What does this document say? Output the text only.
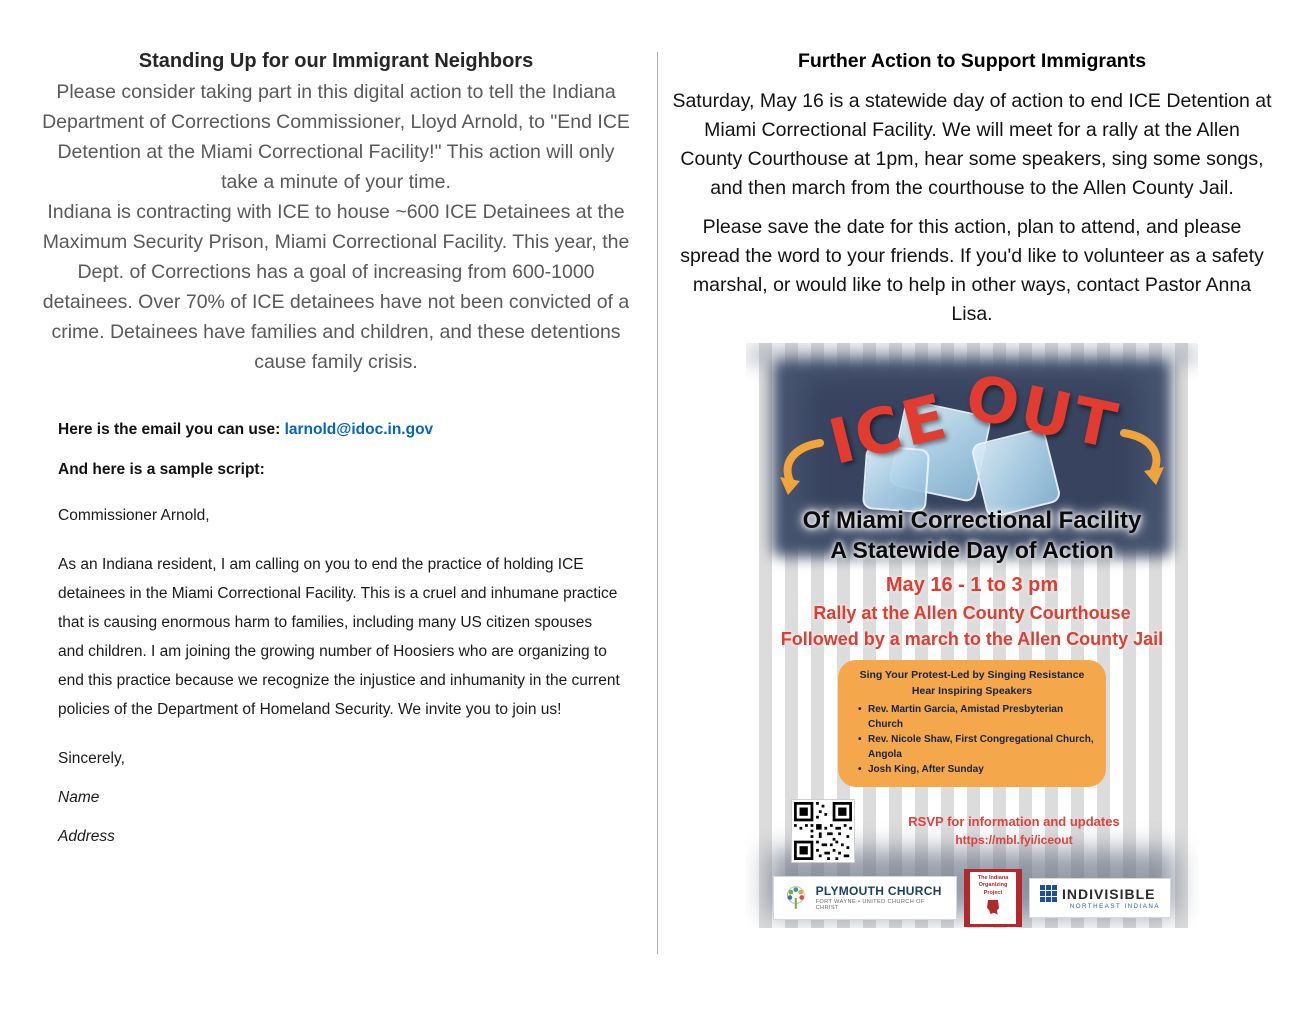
Standing Up for our Immigrant Neighbors

Please consider taking part in this digital action to tell the Indiana Department of Corrections Commissioner, Lloyd Arnold, to "End ICE Detention at the Miami Correctional Facility!" This action will only take a minute of your time.

Indiana is contracting with ICE to house ~600 ICE Detainees at the Maximum Security Prison, Miami Correctional Facility. This year, the Dept. of Corrections has a goal of increasing from 600-1000 detainees. Over 70% of ICE detainees have not been convicted of a crime. Detainees have families and children, and these detentions cause family crisis.

Here is the email you can use: larnold@idoc.in.gov

And here is a sample script:

Commissioner Arnold,

As an Indiana resident, I am calling on you to end the practice of holding ICE detainees in the Miami Correctional Facility. This is a cruel and inhumane practice that is causing enormous harm to families, including many US citizen spouses and children. I am joining the growing number of Hoosiers who are organizing to end this practice because we recognize the injustice and inhumanity in the current policies of the Department of Homeland Security. We invite you to join us!

Sincerely,

Name

Address

Further Action to Support Immigrants

Saturday, May 16 is a statewide day of action to end ICE Detention at Miami Correctional Facility. We will meet for a rally at the Allen County Courthouse at 1pm, hear some speakers, sing some songs, and then march from the courthouse to the Allen County Jail.

Please save the date for this action, plan to attend, and please spread the word to your friends. If you'd like to volunteer as a safety marshal, or would like to help in other ways, contact Pastor Anna Lisa.

ICE OUT
Of Miami Correctional Facility
A Statewide Day of Action
May 16 - 1 to 3 pm
Rally at the Allen County Courthouse
Followed by a march to the Allen County Jail
Sing Your Protest-Led by Singing Resistance
Hear Inspiring Speakers
• Rev. Martin Garcia, Amistad Presbyterian Church
• Rev. Nicole Shaw, First Congregational Church, Angola
• Josh King, After Sunday
RSVP for information and updates
https://mbl.fyi/iceout
PLYMOUTH CHURCH
FORT WAYNE • UNITED CHURCH OF CHRIST
The Indiana
Organizing
Project	INDIVISIBLE
NORTHEAST INDIANA
